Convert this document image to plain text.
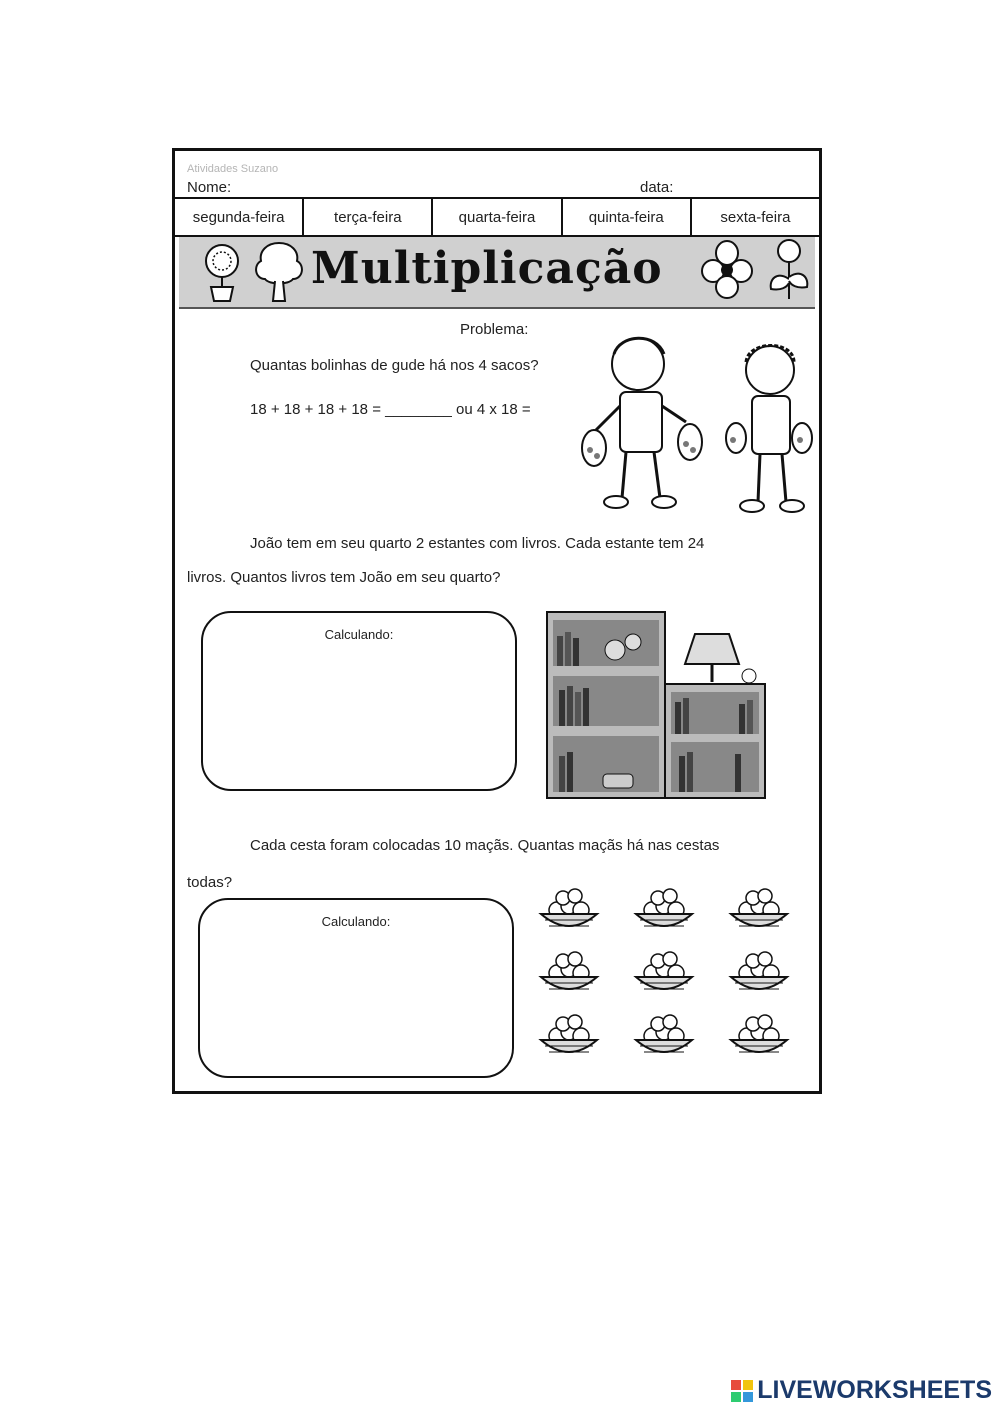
Atividades Suzano
Nome:	data:
segunda-feira	terça-feira	quarta-feira	quinta-feira	sexta-feira
Multiplicação
Problema:
Quantas bolinhas de gude há nos 4 sacos?
18 + 18 + 18 + 18 = ________ ou 4 x 18 =
João tem em seu quarto 2 estantes com livros. Cada estante tem 24
livros. Quantos livros tem João em seu quarto?
Calculando:
Cada cesta foram colocadas 10 maçãs. Quantas maçãs há nas cestas
todas?
Calculando:
LIVEWORKSHEETS
